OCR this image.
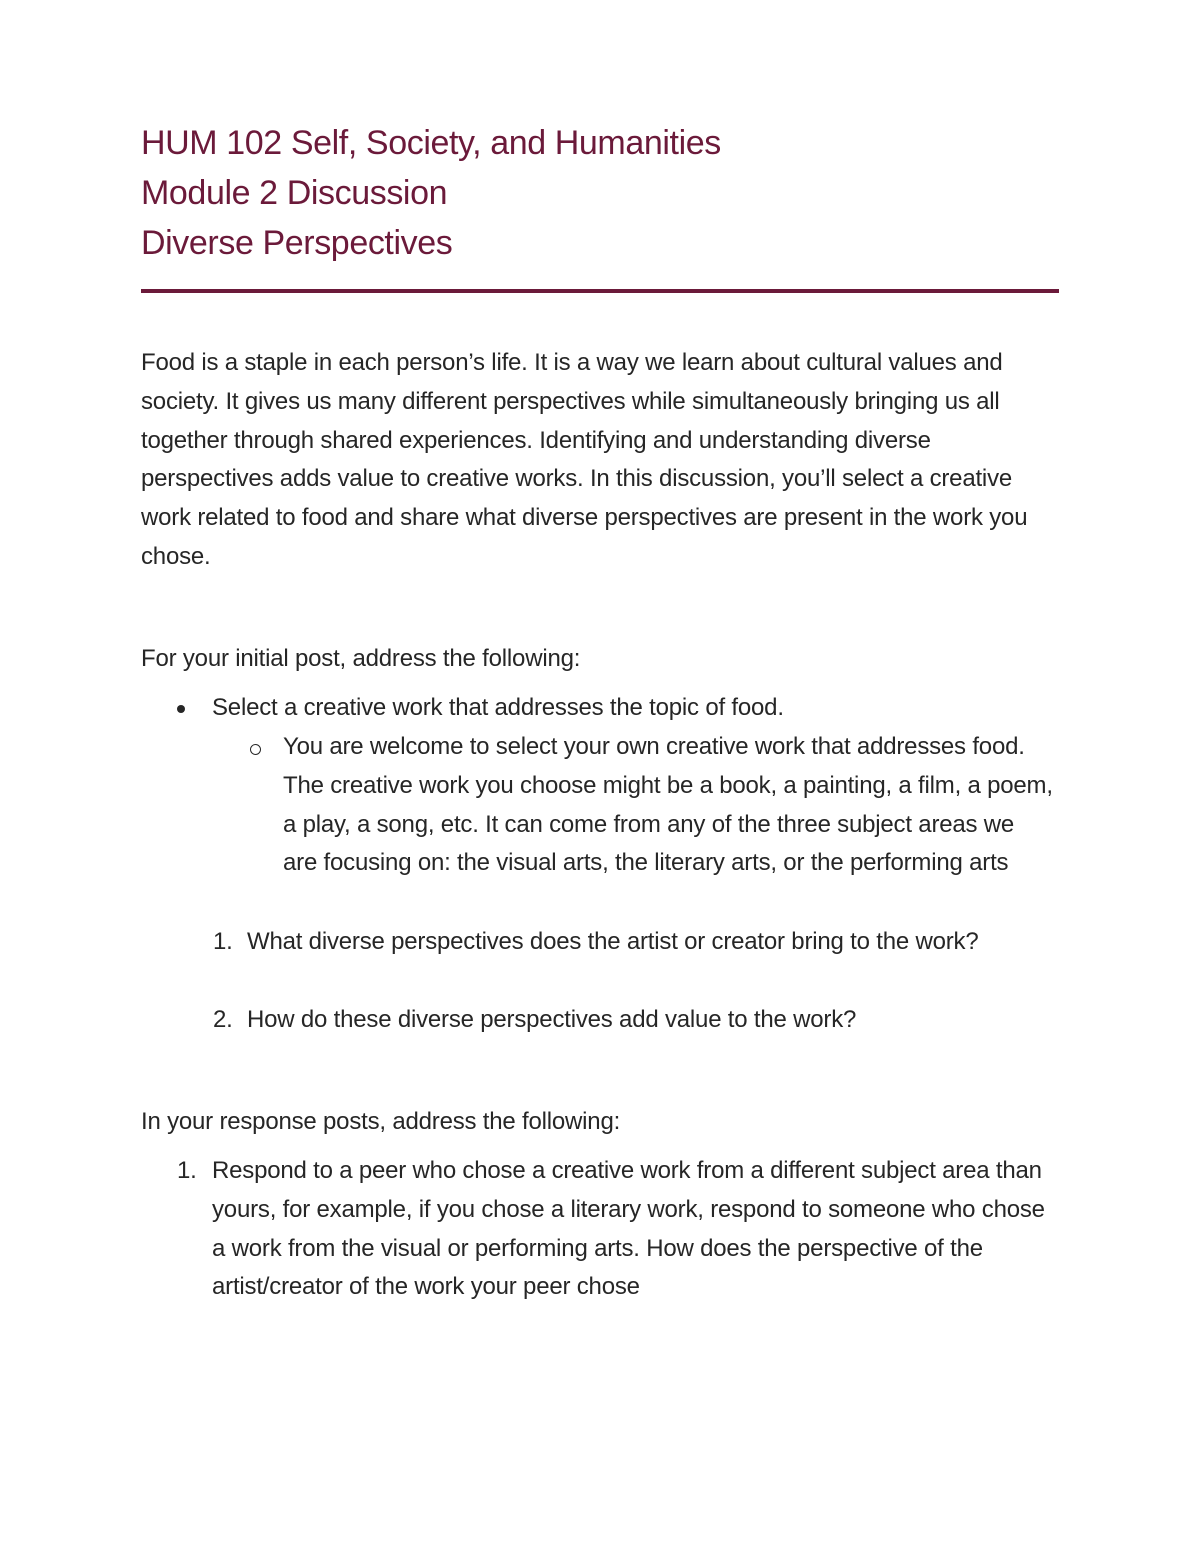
HUM 102 Self, Society, and Humanities
Module 2 Discussion
Diverse Perspectives
Food is a staple in each person’s life. It is a way we learn about cultural values and society. It gives us many different perspectives while simultaneously bringing us all together through shared experiences. Identifying and understanding diverse perspectives adds value to creative works. In this discussion, you’ll select a creative work related to food and share what diverse perspectives are present in the work you chose.
For your initial post, address the following:
Select a creative work that addresses the topic of food.
You are welcome to select your own creative work that addresses food. The creative work you choose might be a book, a painting, a film, a poem, a play, a song, etc. It can come from any of the three subject areas we are focusing on: the visual arts, the literary arts, or the performing arts
1. What diverse perspectives does the artist or creator bring to the work?
2. How do these diverse perspectives add value to the work?
In your response posts, address the following:
1. Respond to a peer who chose a creative work from a different subject area than yours, for example, if you chose a literary work, respond to someone who chose a work from the visual or performing arts. How does the perspective of the artist/creator of the work your peer chose
